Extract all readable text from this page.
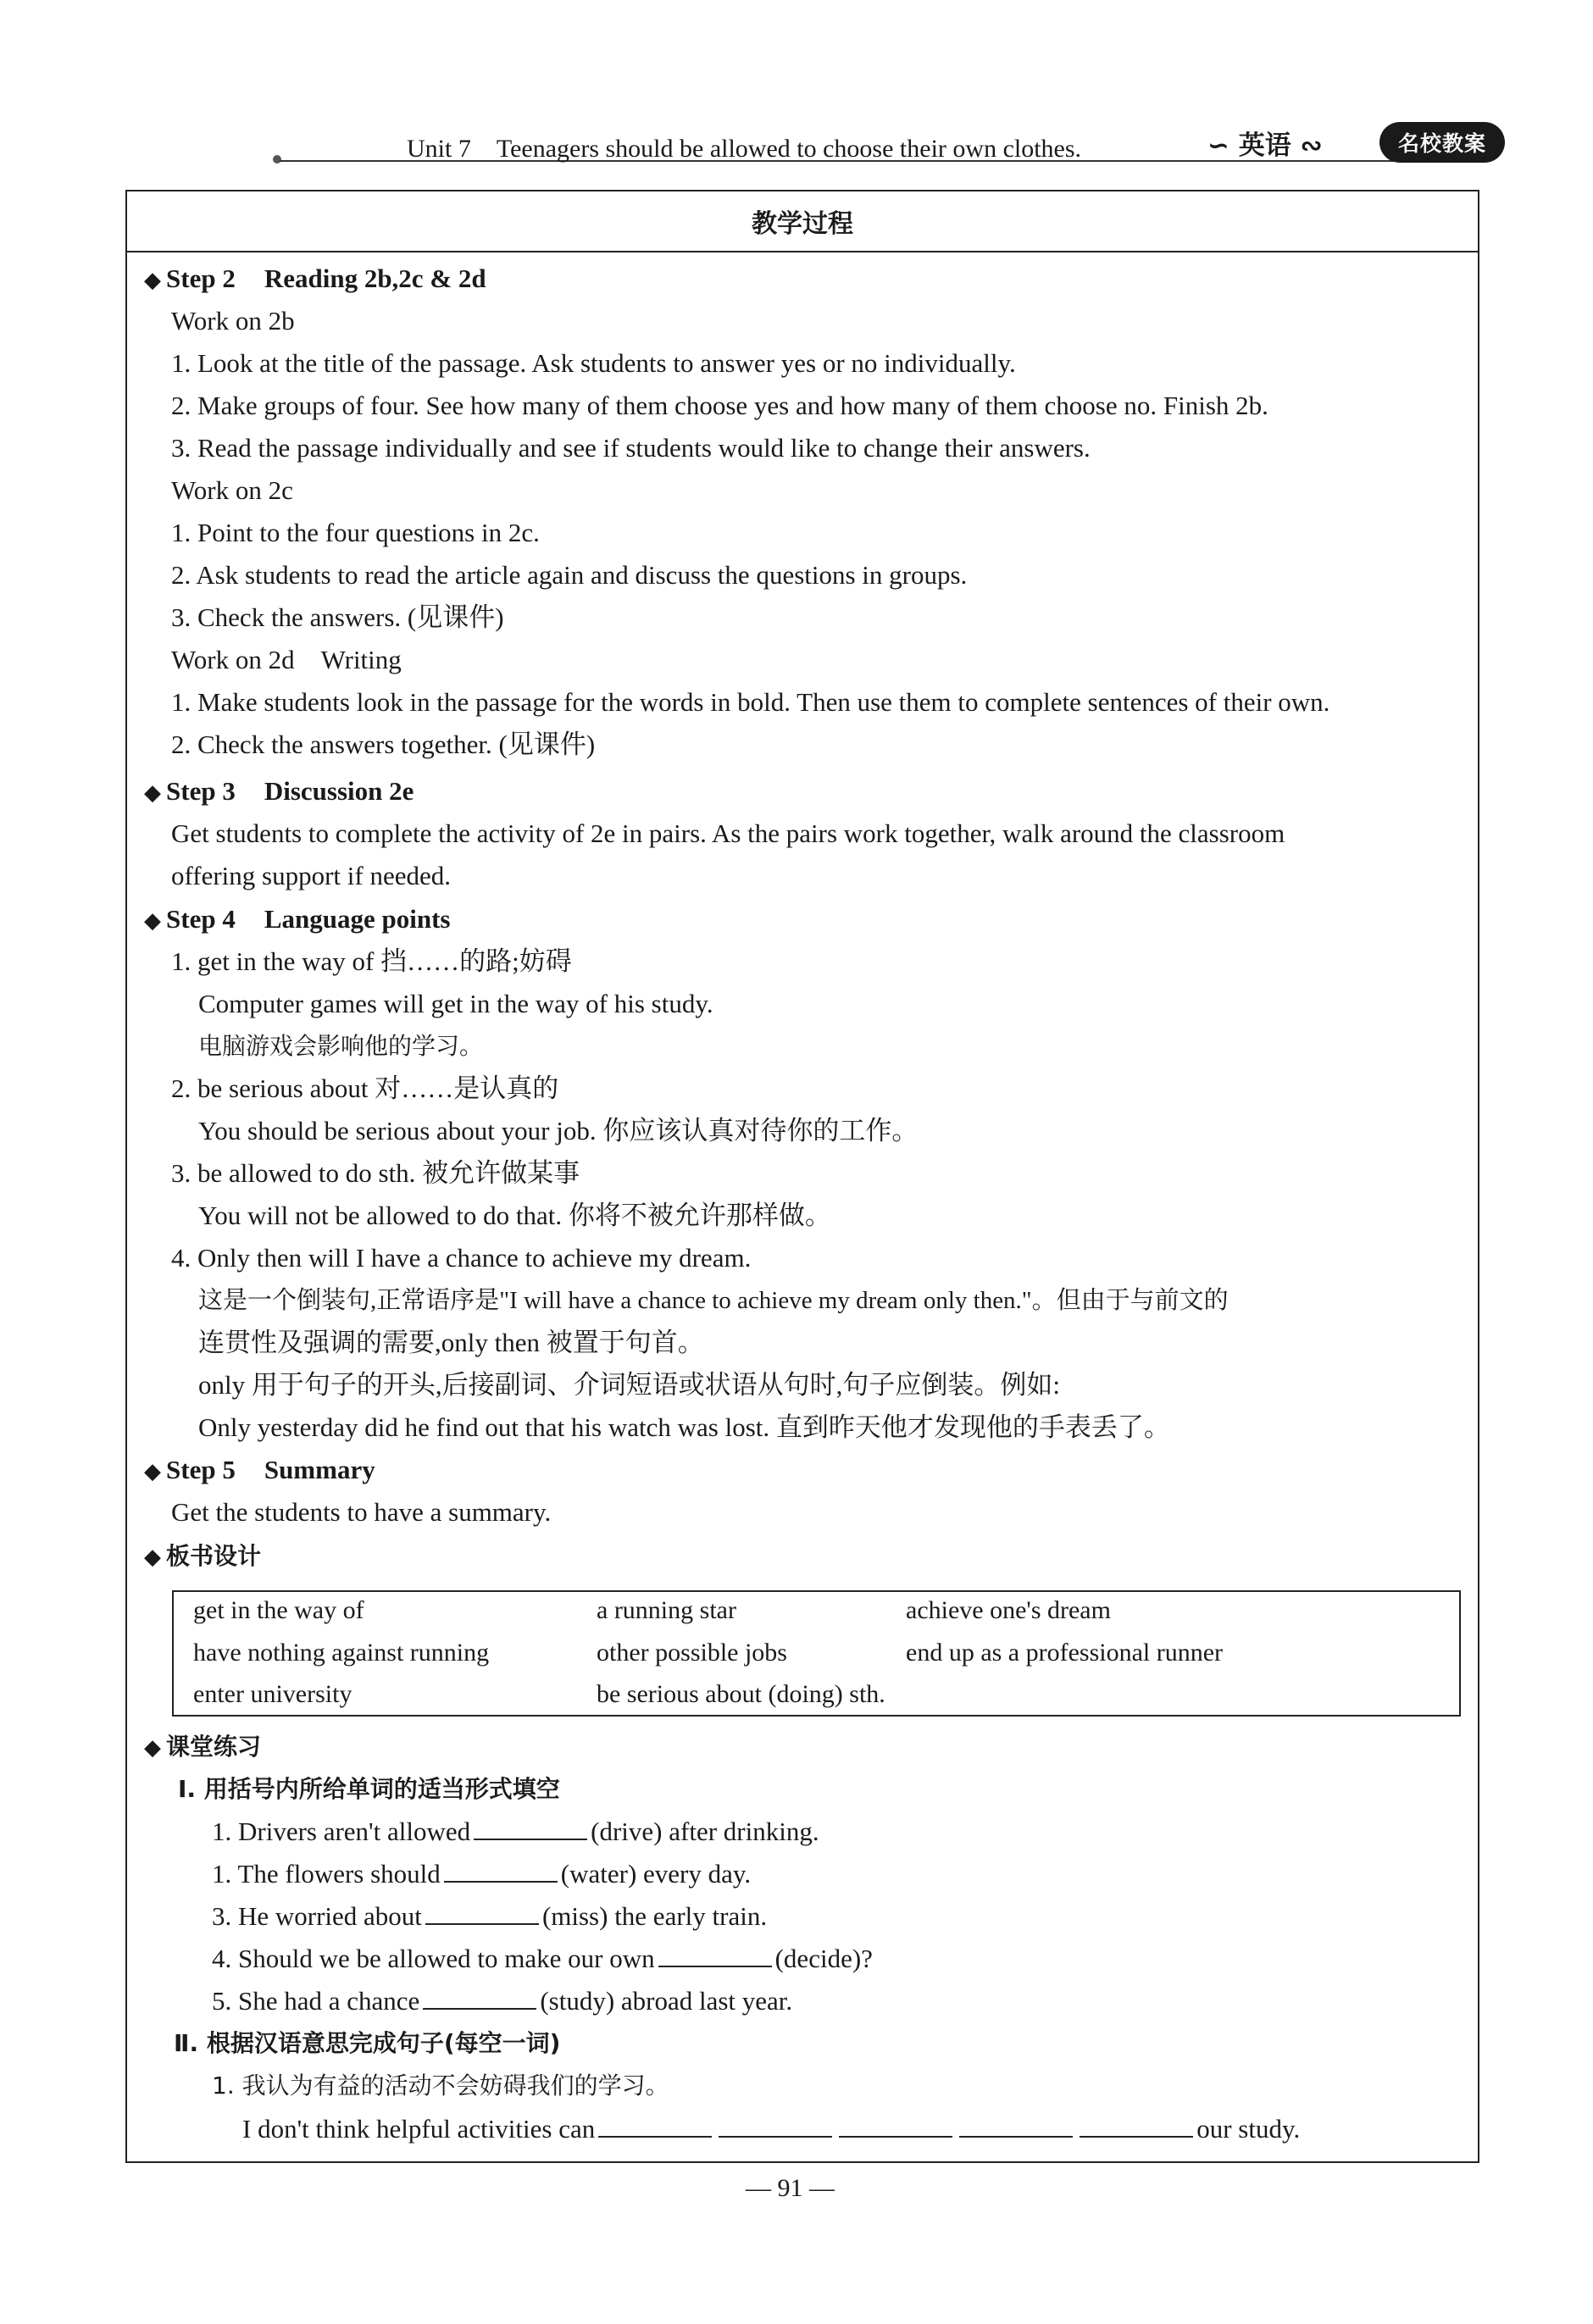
Unit 7　Teenagers should be allowed to choose their own clothes.	∽ 英语 ∾	名校教案
教学过程
◆ Step 2 Reading 2b,2c & 2d
Work on 2b
1. Look at the title of the passage. Ask students to answer yes or no individually.
2. Make groups of four. See how many of them choose yes and how many of them choose no. Finish 2b.
3. Read the passage individually and see if students would like to change their answers.
Work on 2c
1. Point to the four questions in 2c.
2. Ask students to read the article again and discuss the questions in groups.
3. Check the answers. (见课件)
Work on 2d　Writing
1. Make students look in the passage for the words in bold. Then use them to complete sentences of their own.
2. Check the answers together. (见课件)
◆ Step 3 Discussion 2e
Get students to complete the activity of 2e in pairs. As the pairs work together, walk around the classroom
offering support if needed.
◆ Step 4 Language points
1. get in the way of 挡……的路;妨碍
Computer games will get in the way of his study.
电脑游戏会影响他的学习。
2. be serious about 对……是认真的
You should be serious about your job. 你应该认真对待你的工作。
3. be allowed to do sth. 被允许做某事
You will not be allowed to do that. 你将不被允许那样做。
4. Only then will I have a chance to achieve my dream.
这是一个倒装句,正常语序是"I will have a chance to achieve my dream only then."。但由于与前文的
连贯性及强调的需要,only then 被置于句首。
only 用于句子的开头,后接副词、介词短语或状语从句时,句子应倒装。例如:
Only yesterday did he find out that his watch was lost. 直到昨天他才发现他的手表丢了。
◆ Step 5 Summary
Get the students to have a summary.
◆ 板书设计
get in the way of	a running star	achieve one's dream
have nothing against running	other possible jobs	end up as a professional runner
enter university	be serious about (doing) sth.
◆ 课堂练习
Ⅰ. 用括号内所给单词的适当形式填空
1. Drivers aren't allowed	(drive) after drinking.
1. The flowers should	(water) every day.
3. He worried about	(miss) the early train.
4. Should we be allowed to make our own	(decide)?
5. She had a chance	(study) abroad last year.
Ⅱ. 根据汉语意思完成句子(每空一词)
1. 我认为有益的活动不会妨碍我们的学习。
I don't think helpful activities can	our study.
— 91 —
